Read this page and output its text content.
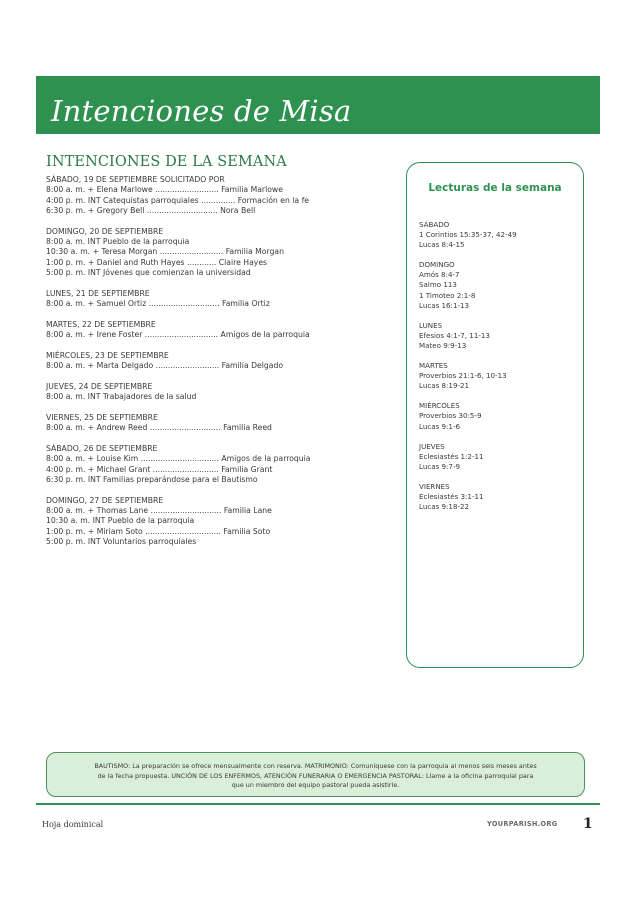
Intenciones de Misa
INTENCIONES DE LA SEMANA
SÁBADO, 19 DE SEPTIEMBRE SOLICITADO POR
8:00 a. m. + Elena Marlowe .......................... Familia Marlowe
4:00 p. m. INT Catequistas parroquiales .............. Formación en la fe
6:30 p. m. + Gregory Bell ............................. Nora Bell
DOMINGO, 20 DE SEPTIEMBRE
8:00 a. m. INT Pueblo de la parroquia
10:30 a. m. + Teresa Morgan .......................... Familia Morgan
1:00 p. m. + Daniel and Ruth Hayes ............ Claire Hayes
5:00 p. m. INT Jóvenes que comienzan la universidad
LUNES, 21 DE SEPTIEMBRE
8:00 a. m. + Samuel Ortiz ............................. Familia Ortiz
MARTES, 22 DE SEPTIEMBRE
8:00 a. m. + Irene Foster .............................. Amigos de la parroquia
MIÉRCOLES, 23 DE SEPTIEMBRE
8:00 a. m. + Marta Delgado .......................... Familia Delgado
JUEVES, 24 DE SEPTIEMBRE
8:00 a. m. INT Trabajadores de la salud
VIERNES, 25 DE SEPTIEMBRE
8:00 a. m. + Andrew Reed ............................. Familia Reed
SÁBADO, 26 DE SEPTIEMBRE
8:00 a. m. + Louise Kim ................................ Amigos de la parroquia
4:00 p. m. + Michael Grant ........................... Familia Grant
6:30 p. m. INT Familias preparándose para el Bautismo
DOMINGO, 27 DE SEPTIEMBRE
8:00 a. m. + Thomas Lane ............................. Familia Lane
10:30 a. m. INT Pueblo de la parroquia
1:00 p. m. + Miriam Soto ............................... Familia Soto
5:00 p. m. INT Voluntarios parroquiales
Lecturas de la semana
SÁBADO
1 Corintios 15:35-37, 42-49
Lucas 8:4-15
DOMINGO
Amós 8:4-7
Salmo 113
1 Timoteo 2:1-8
Lucas 16:1-13
LUNES
Efesios 4:1-7, 11-13
Mateo 9:9-13
MARTES
Proverbios 21:1-6, 10-13
Lucas 8:19-21
MIÉRCOLES
Proverbios 30:5-9
Lucas 9:1-6
JUEVES
Eclesiastés 1:2-11
Lucas 9:7-9
VIERNES
Eclesiastés 3:1-11
Lucas 9:18-22
BAUTISMO: La preparación se ofrece mensualmente con reserva. MATRIMONIO: Comuníquese con la parroquia al menos seis meses antes de la fecha propuesta. UNCIÓN DE LOS ENFERMOS, ATENCIÓN FUNERARIA O EMERGENCIA PASTORAL: Llame a la oficina parroquial para que un miembro del equipo pastoral pueda asistirle.
Hoja dominical	YOURPARISH.ORG 1
